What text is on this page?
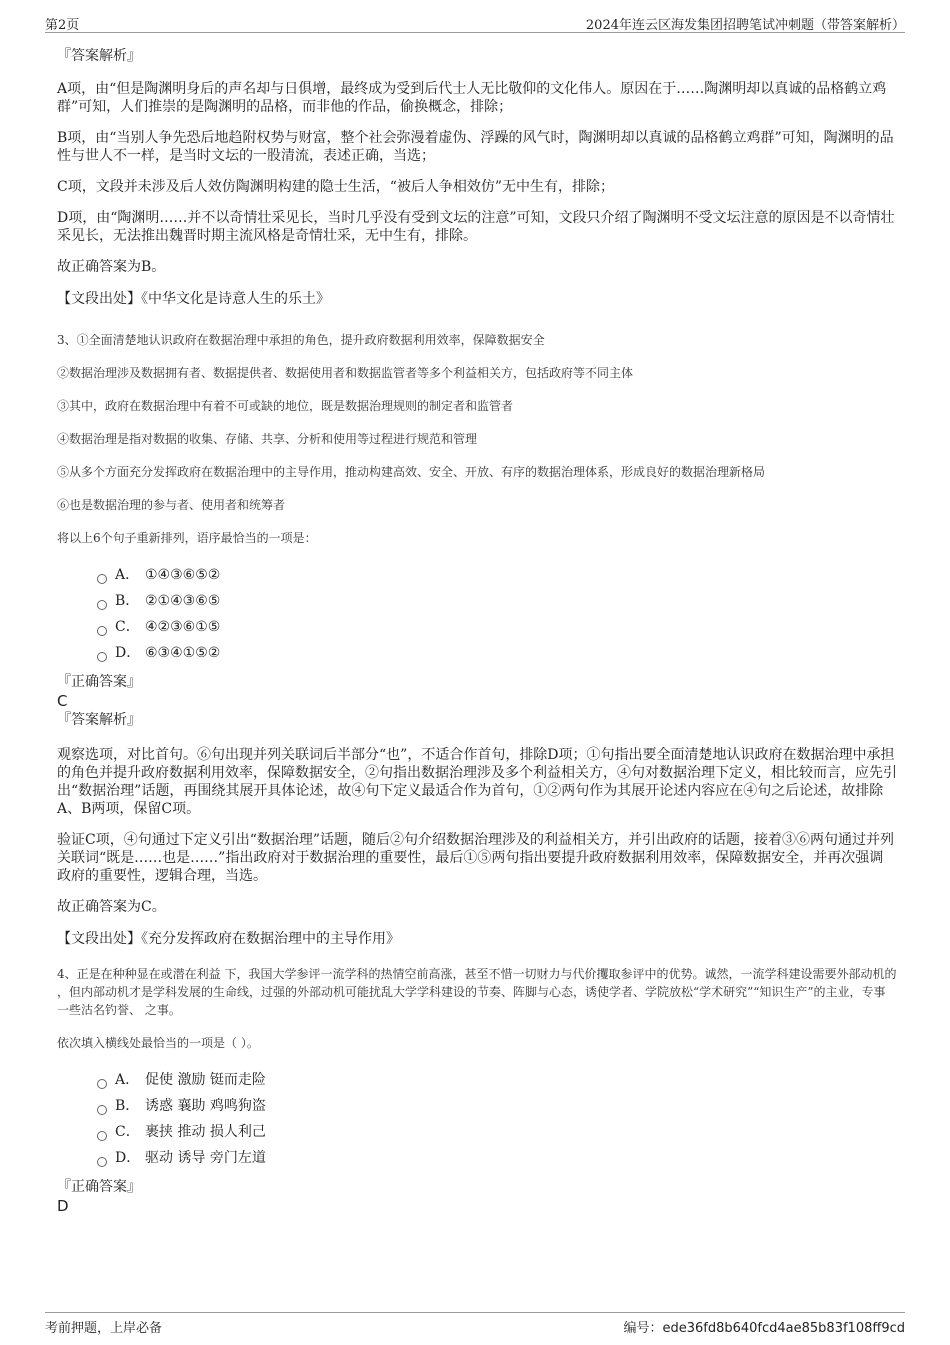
第2页	2024年连云区海发集团招聘笔试冲刺题（带答案解析）

『答案解析』

A项，由“但是陶渊明身后的声名却与日俱增，最终成为受到后代士人无比敬仰的文化伟人。原因在于……陶渊明却以真诚的品格鹤立鸡群”可知，人们推崇的是陶渊明的品格，而非他的作品，偷换概念，排除；

B项，由“当别人争先恐后地趋附权势与财富，整个社会弥漫着虚伪、浮躁的风气时，陶渊明却以真诚的品格鹤立鸡群”可知，陶渊明的品性与世人不一样，是当时文坛的一股清流，表述正确，当选；

C项，文段并未涉及后人效仿陶渊明构建的隐士生活，“被后人争相效仿”无中生有，排除；

D项，由“陶渊明……并不以奇情壮采见长，当时几乎没有受到文坛的注意”可知，文段只介绍了陶渊明不受文坛注意的原因是不以奇情壮采见长，无法推出魏晋时期主流风格是奇情壮采，无中生有，排除。

故正确答案为B。

【文段出处】《中华文化是诗意人生的乐土》

3、①全面清楚地认识政府在数据治理中承担的角色，提升政府数据利用效率，保障数据安全

②数据治理涉及数据拥有者、数据提供者、数据使用者和数据监管者等多个利益相关方，包括政府等不同主体

③其中，政府在数据治理中有着不可或缺的地位，既是数据治理规则的制定者和监管者

④数据治理是指对数据的收集、存储、共享、分析和使用等过程进行规范和管理

⑤从多个方面充分发挥政府在数据治理中的主导作用，推动构建高效、安全、开放、有序的数据治理体系，形成良好的数据治理新格局

⑥也是数据治理的参与者、使用者和统筹者

将以上6个句子重新排列，语序最恰当的一项是：

A． ①④③⑥⑤②
B． ②①④③⑥⑤
C． ④②③⑥①⑤
D． ⑥③④①⑤②

『正确答案』

C

『答案解析』

观察选项，对比首句。⑥句出现并列关联词后半部分“也”，不适合作首句，排除D项；①句指出要全面清楚地认识政府在数据治理中承担的角色并提升政府数据利用效率，保障数据安全，②句指出数据治理涉及多个利益相关方，④句对数据治理下定义，相比较而言，应先引出“数据治理”话题，再围绕其展开具体论述，故④句下定义最适合作为首句，①②两句作为其展开论述内容应在④句之后论述，故排除A、B两项，保留C项。

验证C项，④句通过下定义引出“数据治理”话题，随后②句介绍数据治理涉及的利益相关方，并引出政府的话题，接着③⑥两句通过并列关联词“既是……也是……”指出政府对于数据治理的重要性，最后①⑤两句指出要提升政府数据利用效率，保障数据安全，并再次强调政府的重要性，逻辑合理，当选。

故正确答案为C。

【文段出处】《充分发挥政府在数据治理中的主导作用》

4、正是在种种显在或潜在利益 下，我国大学参评一流学科的热情空前高涨，甚至不惜一切财力与代价攫取参评中的优势。诚然，一流学科建设需要外部动机的 ，但内部动机才是学科发展的生命线，过强的外部动机可能扰乱大学学科建设的节奏、阵脚与心态，诱使学者、学院放松“学术研究”“知识生产”的主业，专事一些沽名钓誉、 之事。

依次填入横线处最恰当的一项是（ ）。

A． 促使 激励 铤而走险
B． 诱惑 襄助 鸡鸣狗盗
C． 裹挟 推动 损人利己
D． 驱动 诱导 旁门左道

『正确答案』

D

考前押题，上岸必备	编号：ede36fd8b640fcd4ae85b83f108ff9cd
